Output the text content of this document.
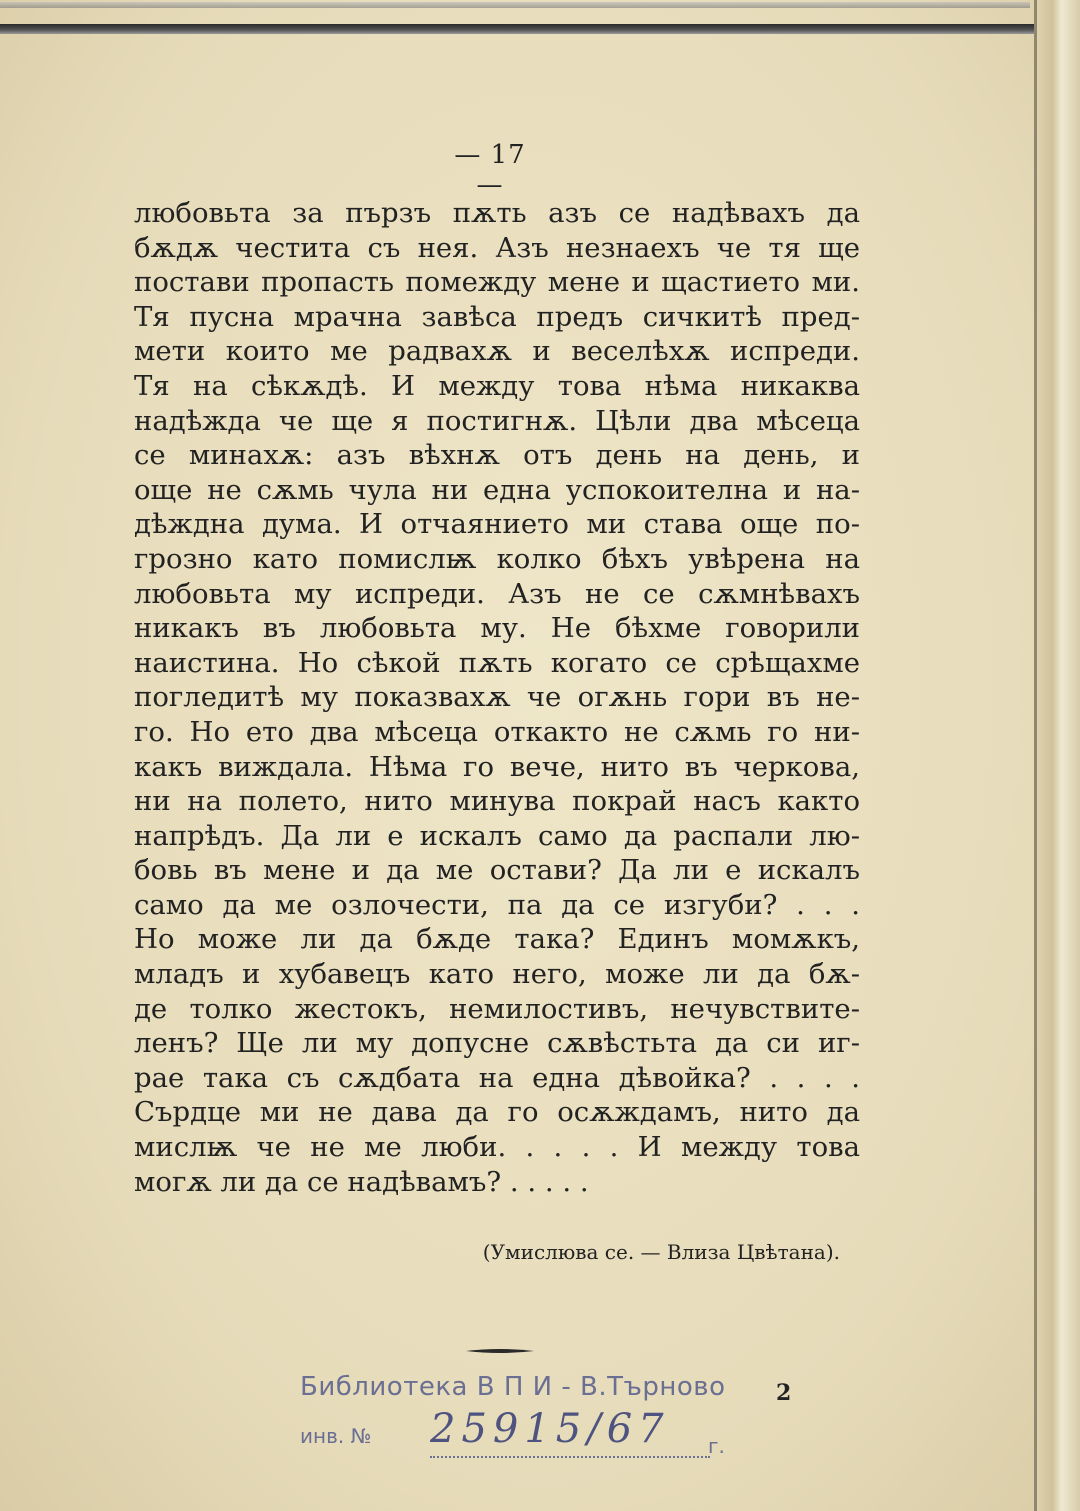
— 17 —
любовьта за пързъ пѫть азъ се надѣвахъ да
бѫдѫ честита съ нея. Азъ незнаехъ че тя ще
постави пропасть помежду мене и щастието ми.
Тя пусна мрачна завѣса предъ сичкитѣ пред-
мети които ме радвахѫ и веселѣхѫ испреди.
Тя на сѣкѫдѣ. И между това нѣма никаква
надѣжда че ще я постигнѫ. Цѣли два мѣсеца
се минахѫ: азъ вѣхнѫ отъ день на день, и
още не сѫмь чула ни една успокоителна и на-
дѣждна дума. И отчаянието ми става още по-
грозно като помислѭ колко бѣхъ увѣрена на
любовьта му испреди. Азъ не се сѫмнѣвахъ
никакъ въ любовьта му. Не бѣхме говорили
наистина. Но сѣкой пѫть когато се срѣщахме
погледитѣ му показвахѫ че огѫнь гори въ не-
го. Но ето два мѣсеца откакто не сѫмь го ни-
какъ виждала. Нѣма го вече, нито въ черкова,
ни на полето, нито минува покрай насъ както
напрѣдъ. Да ли е искалъ само да распали лю-
бовь въ мене и да ме остави? Да ли е искалъ
само да ме озлочести, па да се изгуби? . . .
Но може ли да бѫде така? Единъ момѫкъ,
младъ и хубавецъ като него, може ли да бѫ-
де толко жестокъ, немилостивъ, нечувствите-
ленъ? Ще ли му допусне сѫвѣстьта да си иг-
рае така съ сѫдбата на една дѣвойка? . . . .
Сърдце ми не дава да го осѫждамъ, нито да
мислѭ че не ме люби. . . . . И между това
могѫ ли да се надѣвамъ? . . . . .
(Умислюва се. — Влиза Цвѣтана).
2
Библиотека В П И - В.Търново
инв. № 25915/67	г.
